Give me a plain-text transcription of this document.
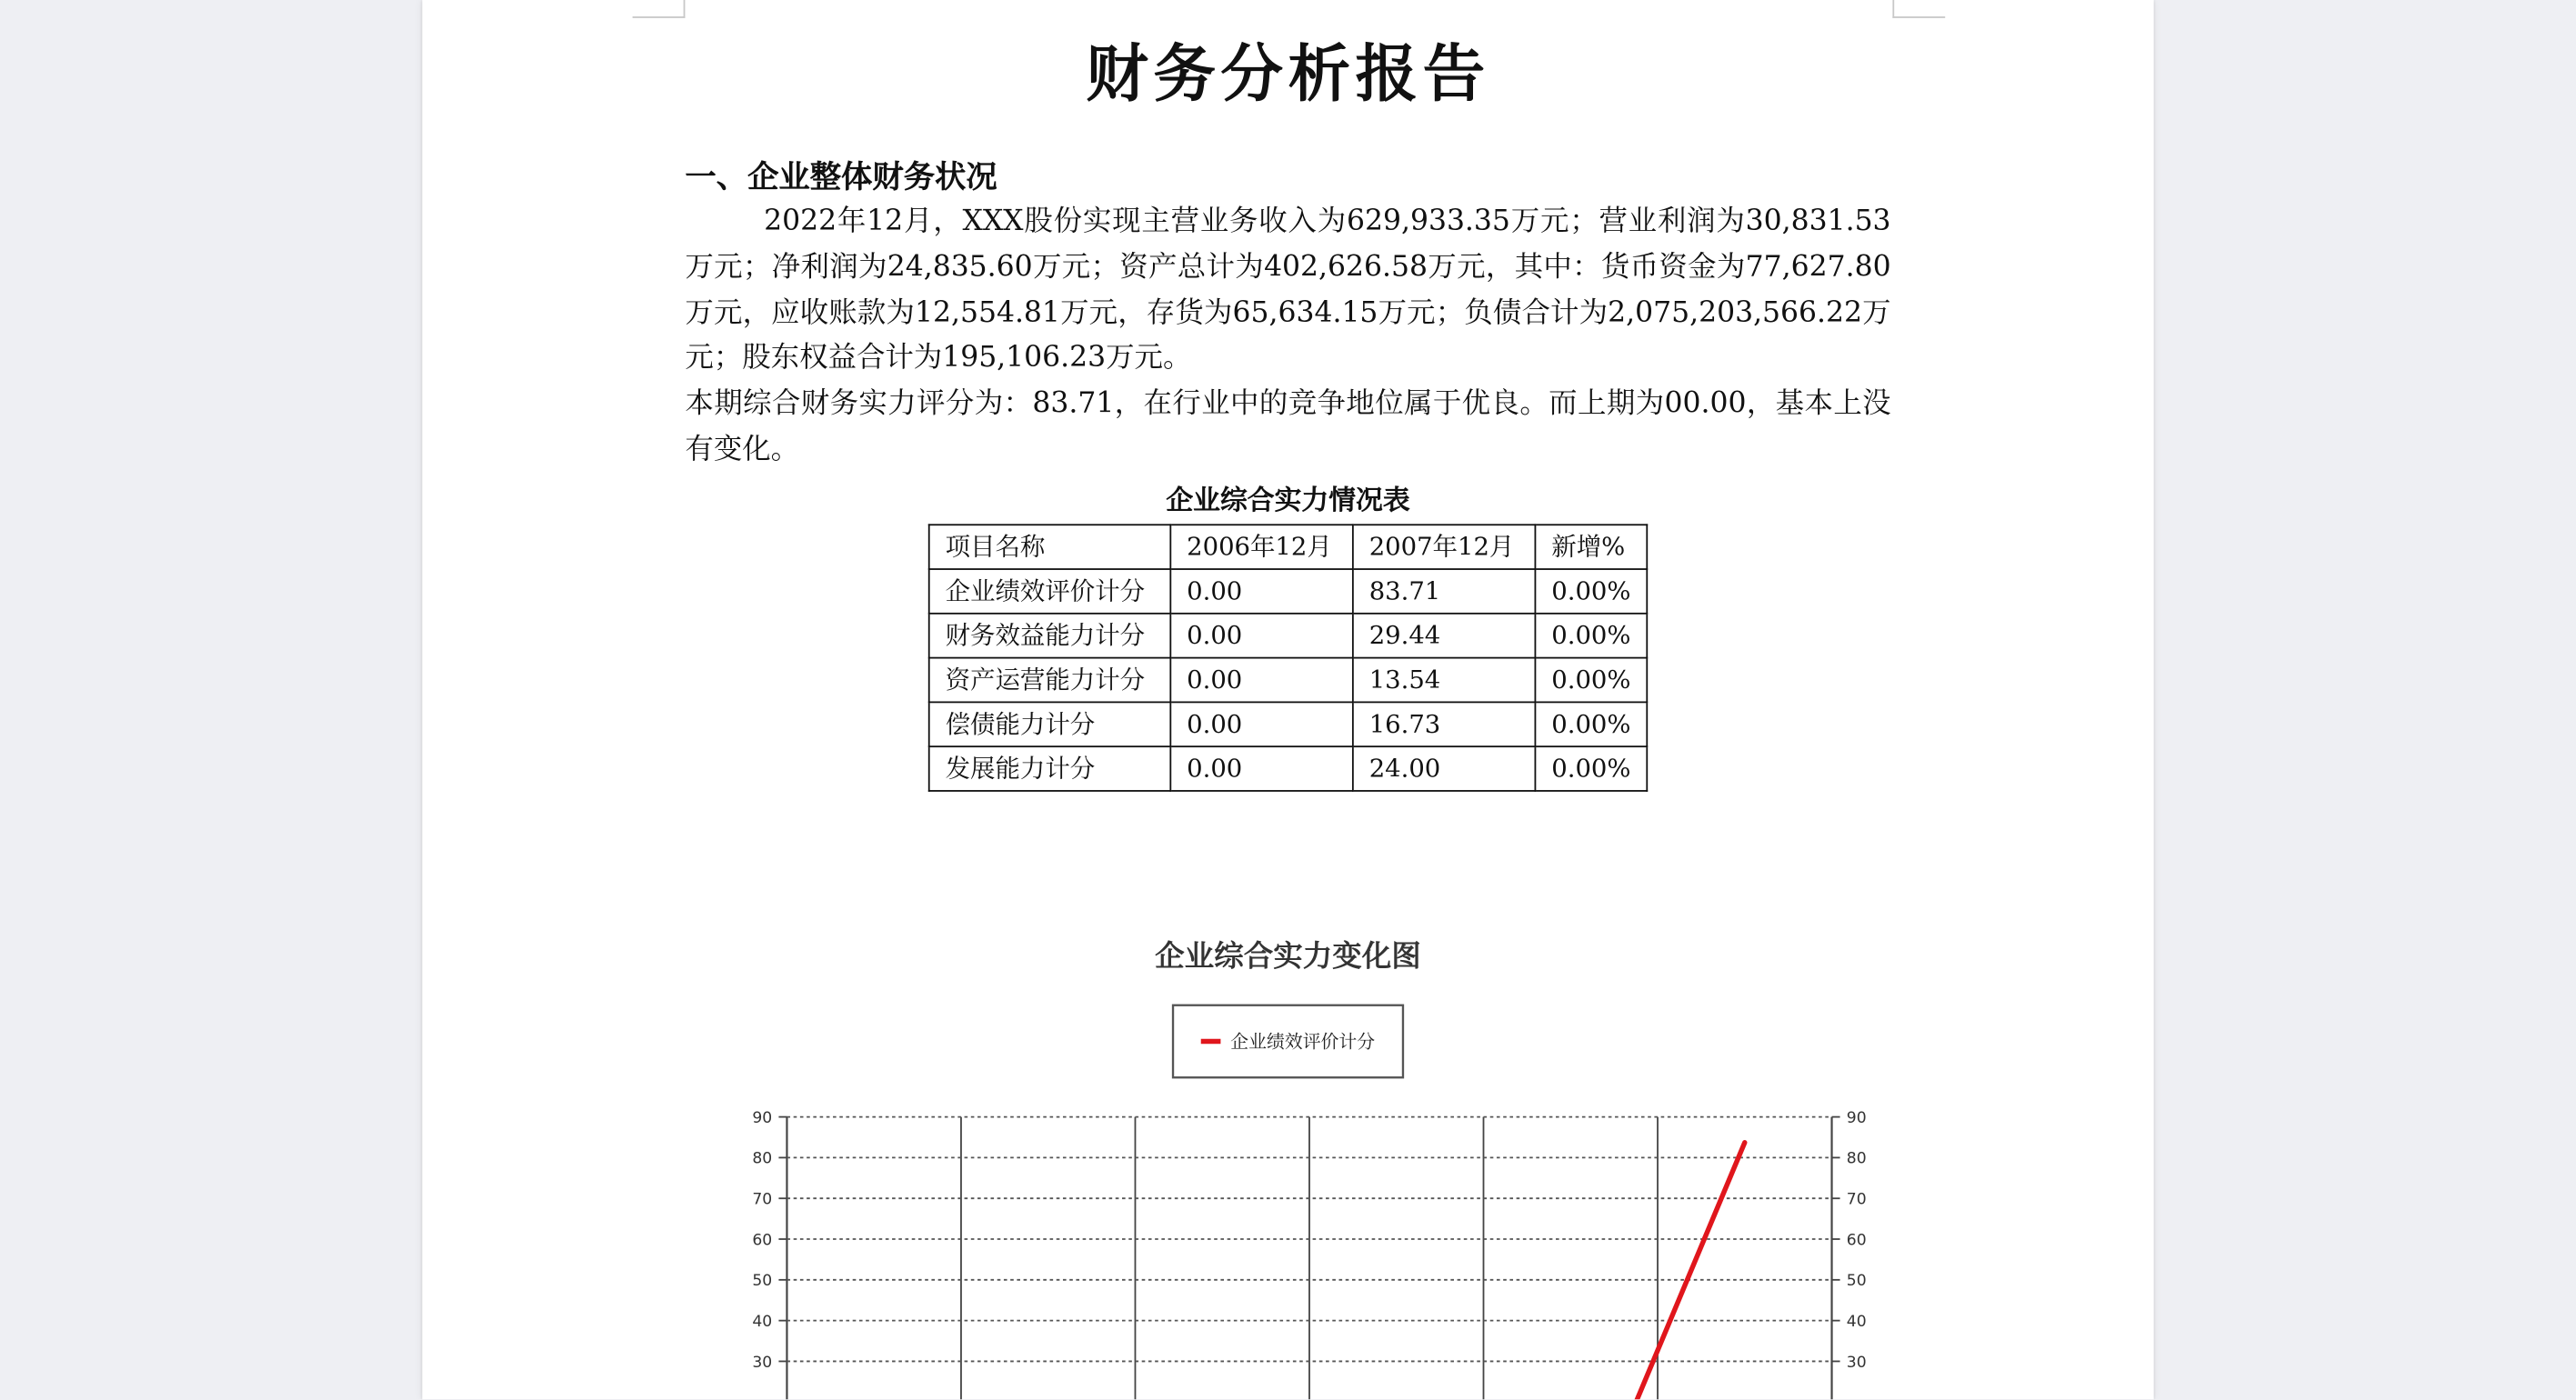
财务分析报告
一、企业整体财务状况

2022年12月，XXX股份实现主营业务收入为629,933.35万元；营业利润为30,831.53万元；净利润为24,835.60万元；资产总计为402,626.58万元，其中：货币资金为77,627.80万元，应收账款为12,554.81万元，存货为65,634.15万元；负债合计为2,075,203,566.22万元；股东权益合计为195,106.23万元。

本期综合财务实力评分为：83.71，在行业中的竞争地位属于优良。而上期为00.00，基本上没有变化。

企业综合实力情况表
项目名称	2006年12月	2007年12月	新增%
企业绩效评价计分	0.00	83.71	0.00%
财务效益能力计分	0.00	29.44	0.00%
资产运营能力计分	0.00	13.54	0.00%
偿债能力计分	0.00	16.73	0.00%
发展能力计分	0.00	24.00	0.00%
企业综合实力变化图
企业绩效评价计分
30	30
40	40
50	50
60	60
70	70
80	80
90	90
